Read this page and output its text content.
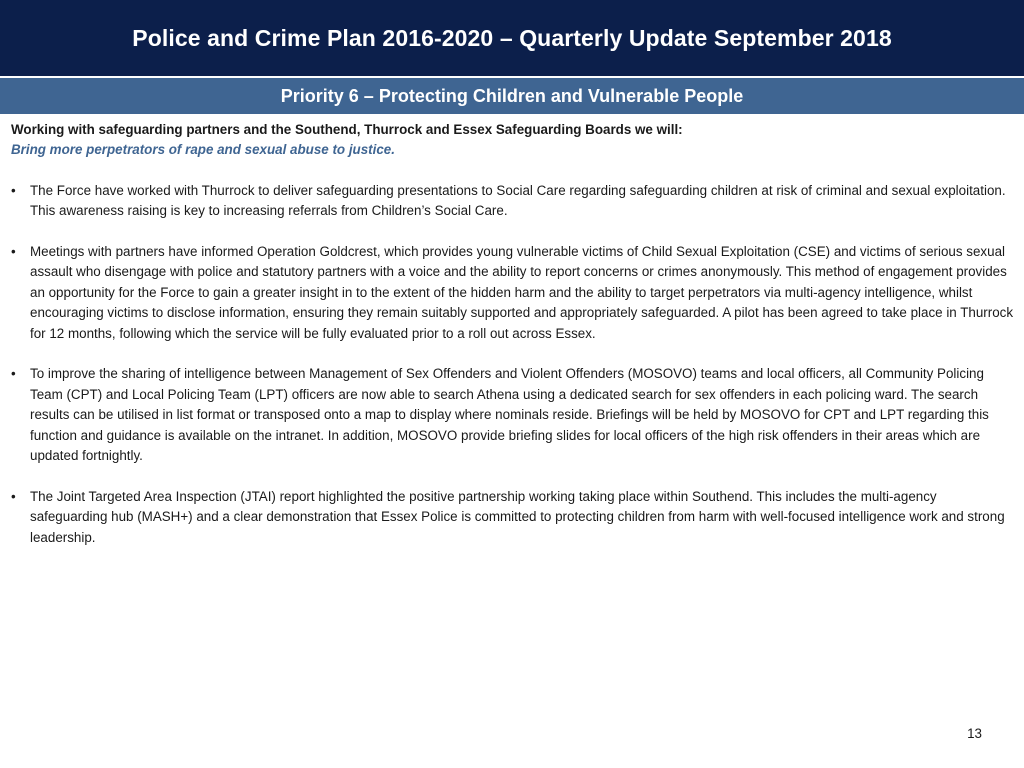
Police and Crime Plan 2016-2020 – Quarterly Update September 2018
Priority 6 – Protecting Children and Vulnerable People

Working with safeguarding partners and the Southend, Thurrock and Essex Safeguarding Boards we will:

Bring more perpetrators of rape and sexual abuse to justice.

• The Force have worked with Thurrock to deliver safeguarding presentations to Social Care regarding safeguarding children at risk of criminal and sexual exploitation. This awareness raising is key to increasing referrals from Children’s Social Care.
• Meetings with partners have informed Operation Goldcrest, which provides young vulnerable victims of Child Sexual Exploitation (CSE) and victims of serious sexual assault who disengage with police and statutory partners with a voice and the ability to report concerns or crimes anonymously. This method of engagement provides an opportunity for the Force to gain a greater insight in to the extent of the hidden harm and the ability to target perpetrators via multi-agency intelligence, whilst encouraging victims to disclose information, ensuring they remain suitably supported and appropriately safeguarded. A pilot has been agreed to take place in Thurrock for 12 months, following which the service will be fully evaluated prior to a roll out across Essex.
• To improve the sharing of intelligence between Management of Sex Offenders and Violent Offenders (MOSOVO) teams and local officers, all Community Policing Team (CPT) and Local Policing Team (LPT) officers are now able to search Athena using a dedicated search for sex offenders in each policing ward. The search results can be utilised in list format or transposed onto a map to display where nominals reside. Briefings will be held by MOSOVO for CPT and LPT regarding this function and guidance is available on the intranet. In addition, MOSOVO provide briefing slides for local officers of the high risk offenders in their areas which are updated fortnightly.
• The Joint Targeted Area Inspection (JTAI) report highlighted the positive partnership working taking place within Southend. This includes the multi-agency safeguarding hub (MASH+) and a clear demonstration that Essex Police is committed to protecting children from harm with well-focused intelligence work and strong leadership.
13
